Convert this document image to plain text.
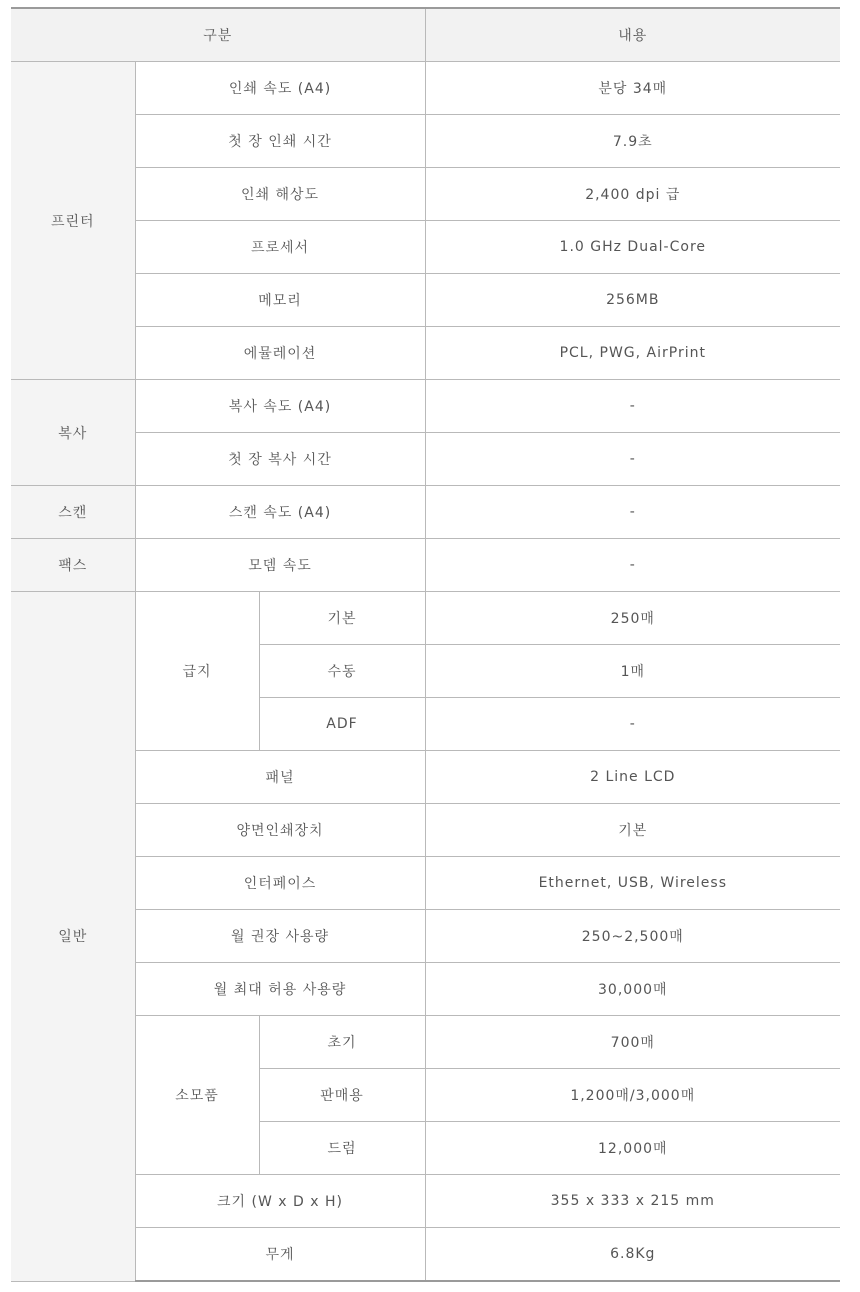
구분			내용
프린터	인쇄 속도 (A4)		분당 34매
	첫 장 인쇄 시간		7.9초
	인쇄 해상도		2,400 dpi 급
	프로세서		1.0 GHz Dual-Core
	메모리		256MB
	에뮬레이션		PCL, PWG, AirPrint
복사	복사 속도 (A4)		-
	첫 장 복사 시간		-
스캔	스캔 속도 (A4)		-
팩스	모뎀 속도		-
일반	급지	기본	250매
		수동	1매
		ADF	-
	패널		2 Line LCD
	양면인쇄장치		기본
	인터페이스		Ethernet, USB, Wireless
	월 권장 사용량		250~2,500매
	월 최대 허용 사용량		30,000매
	소모품	초기	700매
		판매용	1,200매/3,000매
		드럼	12,000매
	크기 (W x D x H)		355 x 333 x 215 mm
	무게		6.8Kg
